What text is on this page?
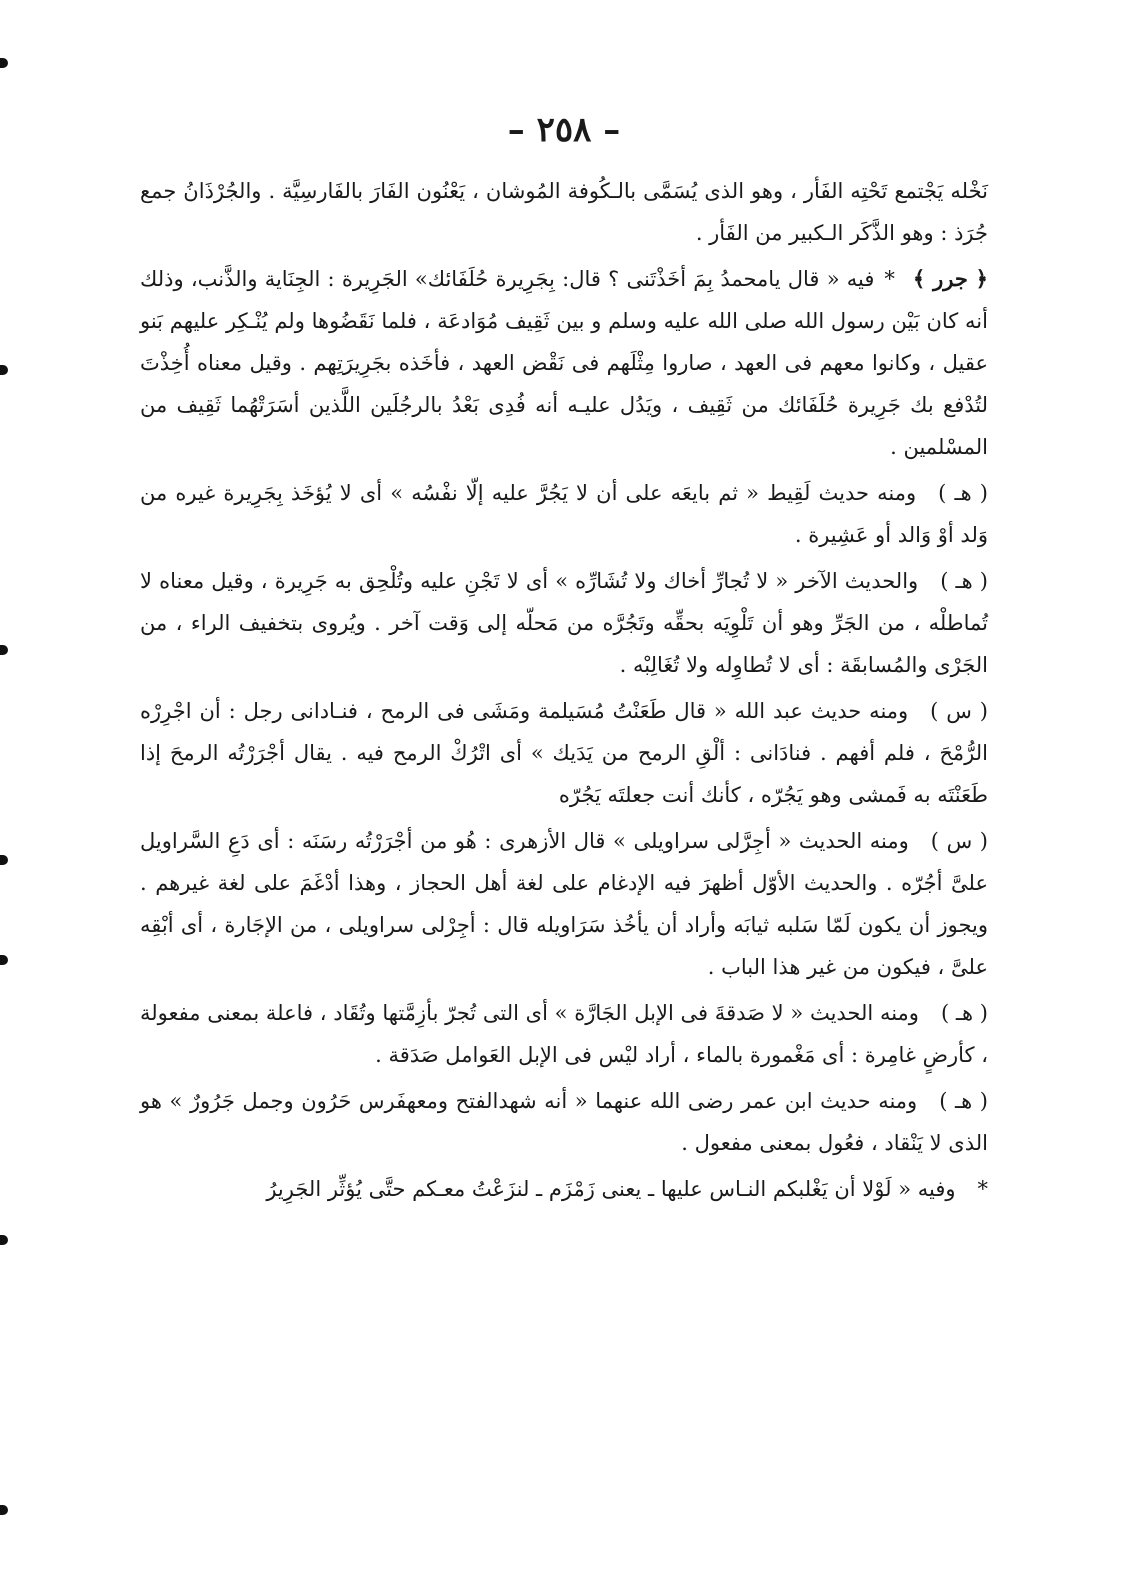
– ٢٥٨ –

نَخْله يَجْتمع تَحْتِه الفَأر ، وهو الذى يُسَمَّى بالـكُوفة المُوشان ، يَعْنُون الفَارَ بالفَارسِيَّة . والجُرْذَانُ جمع جُرَذ : وهو الذَّكَر الـكبير من الفَأر .

﴿ جرر ﴾*فيه « قال يامحمدُ بِمَ أخَذْتَنى ؟ قال: بِجَرِيرة حُلَفَائك» الجَرِيرة : الجِنَاية والذَّنب، وذلك أنه كان بَيْن رسول الله صلى الله عليه وسلم و بين ثَقِيف مُوَادعَة ، فلما نَقَضُوها ولم يُنْـكِر عليهم بَنو عقيل ، وكانوا معهم فى العهد ، صاروا مِثْلَهم فى نَقْض العهد ، فأخَذه بجَرِيرَتِهم . وقيل معناه أُخِذْتَ لتُدْفع بك جَرِيرة حُلَفَائك من ثَقِيف ، ويَدُل عليـه أنه فُدِى بَعْدُ بالرجُلَين اللَّذين أسَرَتْهُما ثَقِيف من المسْلمين .

( هـ )ومنه حديث لَقِيط « ثم بايعَه على أن لا يَجُرَّ عليه إلّا نفْسُه » أى لا يُؤخَذ بِجَرِيرة غيره من وَلد أوْ وَالد أو عَشِيرة .

( هـ )والحديث الآخر « لا تُجارِّ أخاك ولا تُشَارِّه » أى لا تَجْنِ عليه وتُلْحِق به جَرِيرة ، وقيل معناه لا تُماطلْه ، من الجَرِّ وهو أن تَلْوِيَه بحقِّه وتَجُرَّه من مَحلّه إلى وَقت آخر . ويُروى بتخفيف الراء ، من الجَرْى والمُسابقَة : أى لا تُطاوِله ولا تُغَالِبْه .

( س )ومنه حديث عبد الله « قال طَعَنْتُ مُسَيلمة ومَشَى فى الرمح ، فنـادانى رجل : أن اجْرِرْه الرُّمْحَ ، فلم أفهم . فنادَانى : ألْقِ الرمح من يَدَيك » أى اتْرُكْ الرمح فيه . يقال أجْرَرْتُه الرمحَ إذا طَعَنْتَه به فَمشى وهو يَجُرّه ، كأنك أنت جعلتَه يَجُرّه

( س )ومنه الحديث « أجِرَّلى سراويلى » قال الأزهرى : هُو من أجْرَرْتُه رسَنَه : أى دَعِ السَّراويل علىَّ أجُرّه . والحديث الأوّل أظهرَ فيه الإدغام على لغة أهل الحجاز ، وهذا أدْغَمَ على لغة غيرهم . ويجوز أن يكون لَمّا سَلبه ثيابَه وأراد أن يأخُذ سَرَاويله قال : أجِرْلى سراويلى ، من الإجَارة ، أى أبْقِه علىَّ ، فيكون من غير هذا الباب .

( هـ )ومنه الحديث « لا صَدقةَ فى الإبل الجَارَّة » أى التى تُجرّ بأزِمَّتها وتُقَاد ، فاعلة بمعنى مفعولة ، كأرضٍ غامِرة : أى مَغْمورة بالماء ، أراد ليْس فى الإبل العَوامل صَدَقة .

( هـ )ومنه حديث ابن عمر رضى الله عنهما « أنه شهدالفتح ومعهفَرس حَرُون وجمل جَرُورٌ » هو الذى لا يَنْقاد ، فعُول بمعنى مفعول .

*وفيه « لَوْلا أن يَغْلبكم النـاس عليها ـ يعنى زَمْزَم ـ لنزَعْتُ معـكم حتَّى يُؤثِّر الجَرِيرُ
